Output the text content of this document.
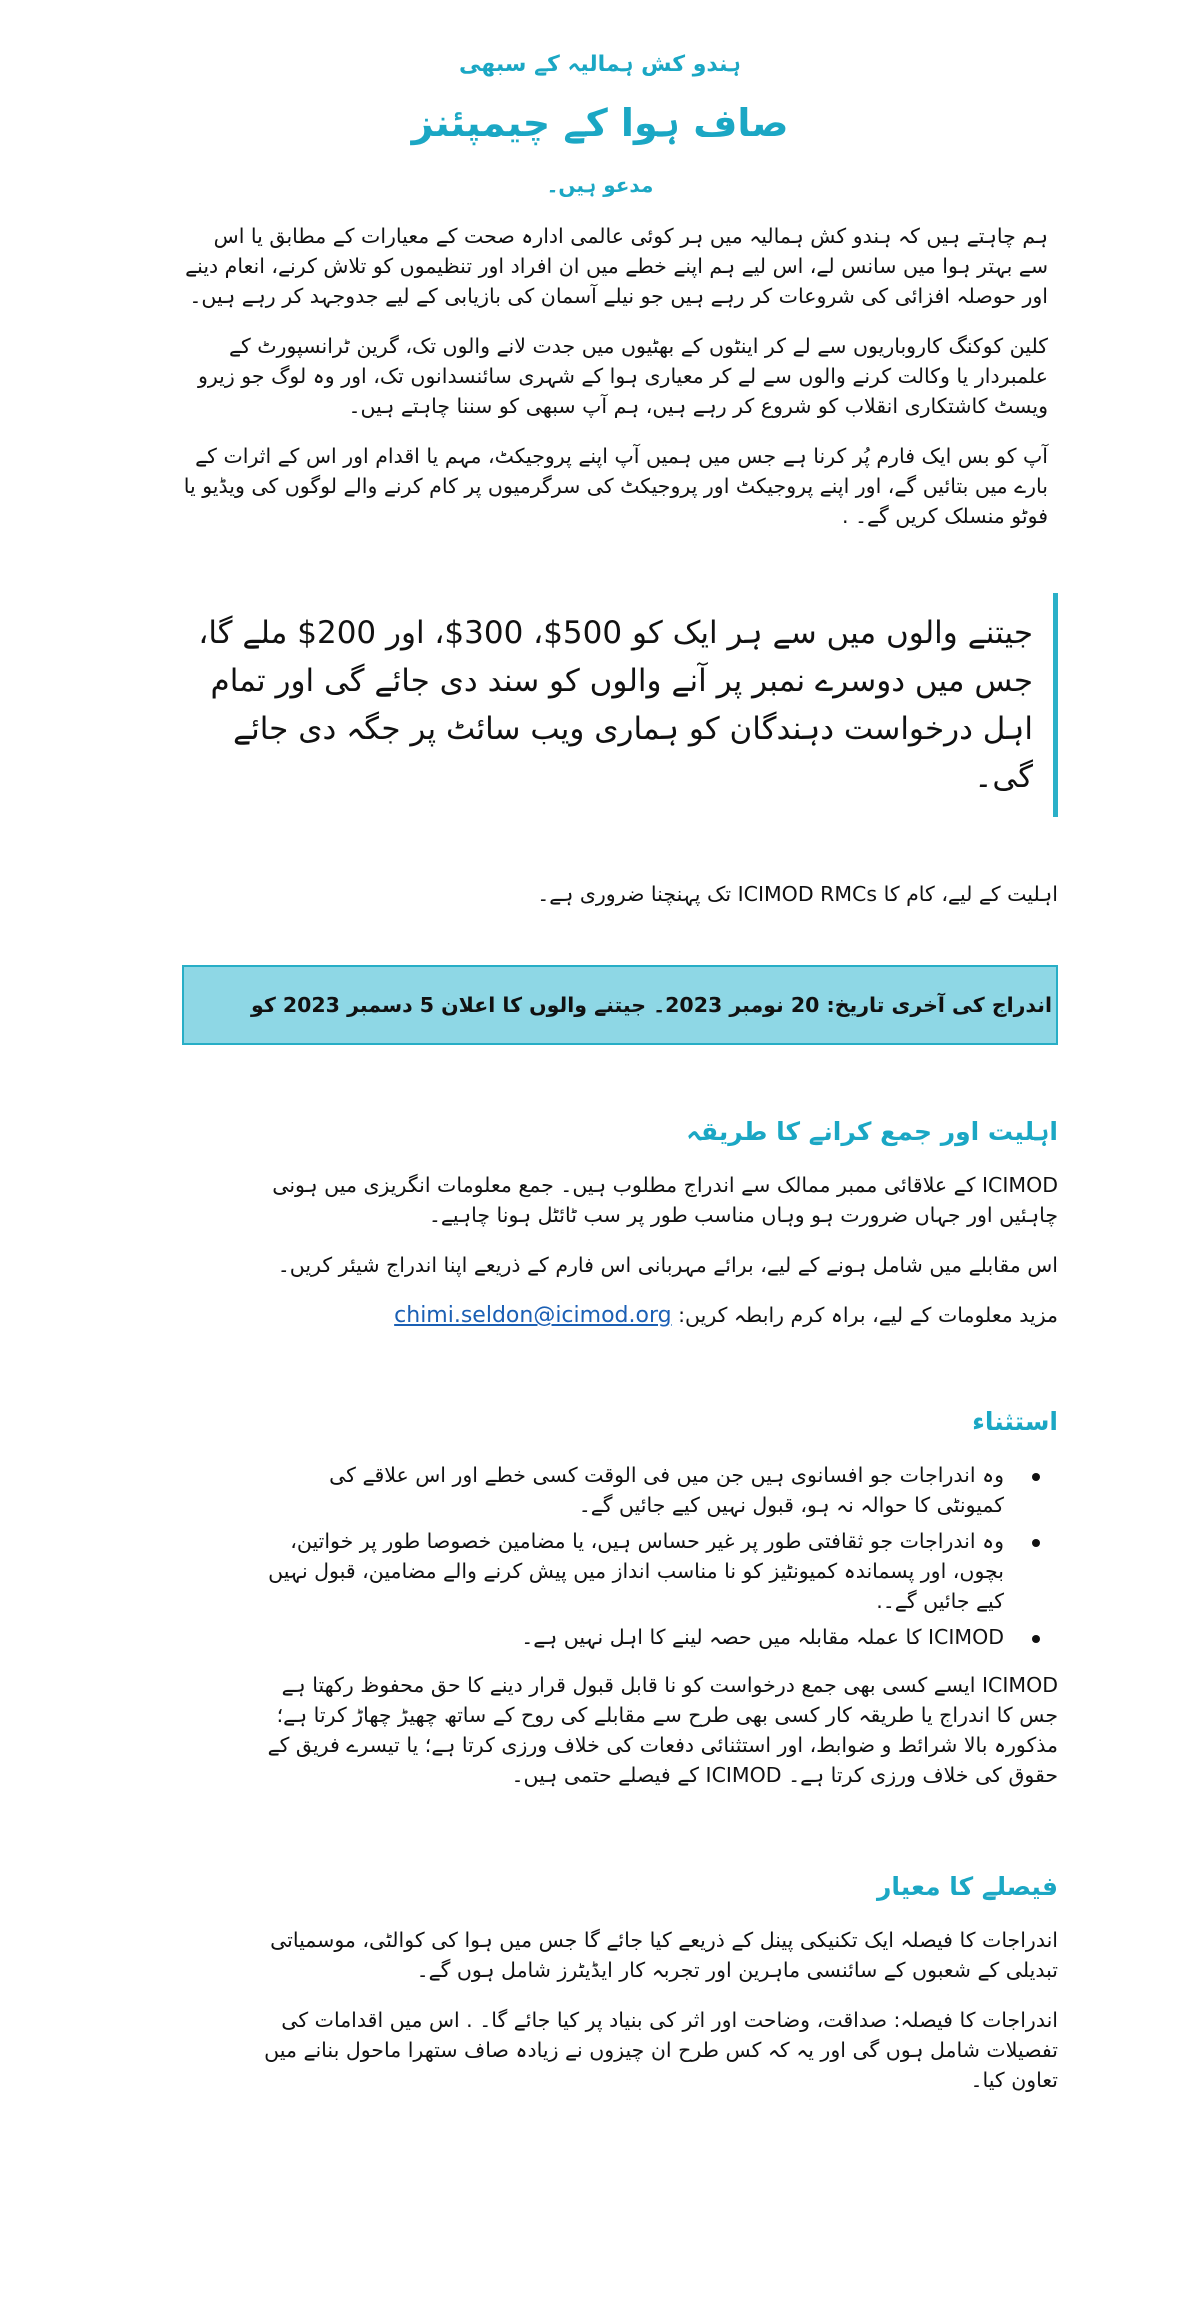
ہندو کش ہمالیہ کے سبھی
صاف ہوا کے چیمپئنز
مدعو ہیں۔

ہم چاہتے ہیں کہ ہندو کش ہمالیہ میں ہر کوئی عالمی ادارہ صحت کے معیارات کے مطابق یا اس سے بہتر ہوا میں سانس لے، اس لیے ہم اپنے خطے میں ان افراد اور تنظیموں کو تلاش کرنے، انعام دینے اور حوصلہ افزائی کی شروعات کر رہے ہیں جو نیلے آسمان کی بازیابی کے لیے جدوجہد کر رہے ہیں۔

کلین کوکنگ کاروباریوں سے لے کر اینٹوں کے بھٹیوں میں جدت لانے والوں تک، گرین ٹرانسپورٹ کے علمبردار یا وکالت کرنے والوں سے لے کر معیاری ہوا کے شہری سائنسدانوں تک، اور وہ لوگ جو زیرو ویسٹ کاشتکاری انقلاب کو شروع کر رہے ہیں، ہم آپ سبھی کو سننا چاہتے ہیں۔

آپ کو بس ایک فارم پُر کرنا ہے جس میں ہمیں آپ اپنے پروجیکٹ، مہم یا اقدام اور اس کے اثرات کے بارے میں بتائیں گے، اور اپنے پروجیکٹ اور پروجیکٹ کی سرگرمیوں پر کام کرنے والے لوگوں کی ویڈیو یا فوٹو منسلک کریں گے۔ .

جیتنے والوں میں سے ہر ایک کو 500$، 300$، اور 200$ ملے گا، جس میں دوسرے نمبر پر آنے والوں کو سند دی جائے گی اور تمام اہل درخواست دہندگان کو ہماری ویب سائٹ پر جگہ دی جائے گی۔
اہلیت کے لیے، کام کا ICIMOD RMCs تک پہنچنا ضروری ہے۔
اندراج کی آخری تاریخ: 20 نومبر 2023۔ جیتنے والوں کا اعلان 5 دسمبر 2023 کو
اہلیت اور جمع کرانے کا طریقہ

ICIMOD کے علاقائی ممبر ممالک سے اندراج مطلوب ہیں۔ جمع معلومات انگریزی میں ہونی چاہئیں اور جہاں ضرورت ہو وہاں مناسب طور پر سب ٹائٹل ہونا چاہیے۔

اس مقابلے میں شامل ہونے کے لیے، برائے مہربانی اس فارم کے ذریعے اپنا اندراج شیئر کریں۔

مزید معلومات کے لیے، براہ کرم رابطہ کریں: chimi.seldon@icimod.org

استثناء
وہ اندراجات جو افسانوی ہیں جن میں فی الوقت کسی خطے اور اس علاقے کی کمیونٹی کا حوالہ نہ ہو، قبول نہیں کیے جائیں گے۔
وہ اندراجات جو ثقافتی طور پر غیر حساس ہیں، یا مضامین خصوصا طور پر خواتین، بچوں، اور پسماندہ کمیونٹیز کو نا مناسب انداز میں پیش کرنے والے مضامین، قبول نہیں کیے جائیں گے۔.
ICIMOD کا عملہ مقابلہ میں حصہ لینے کا اہل نہیں ہے۔

ICIMOD ایسے کسی بھی جمع درخواست کو نا قابل قبول قرار دینے کا حق محفوظ رکھتا ہے جس کا اندراج یا طریقہ کار کسی بھی طرح سے مقابلے کی روح کے ساتھ چھیڑ چھاڑ کرتا ہے؛ مذکورہ بالا شرائط و ضوابط، اور استثنائی دفعات کی خلاف ورزی کرتا ہے؛ یا تیسرے فریق کے حقوق کی خلاف ورزی کرتا ہے۔ ICIMOD کے فیصلے حتمی ہیں۔

فیصلے کا معیار

اندراجات کا فیصلہ ایک تکنیکی پینل کے ذریعے کیا جائے گا جس میں ہوا کی کوالٹی، موسمیاتی تبدیلی کے شعبوں کے سائنسی ماہرین اور تجربہ کار ایڈیٹرز شامل ہوں گے۔

اندراجات کا فیصلہ: صداقت، وضاحت اور اثر کی بنیاد پر کیا جائے گا۔ . اس میں اقدامات کی تفصیلات شامل ہوں گی اور یہ کہ کس طرح ان چیزوں نے زیادہ صاف ستھرا ماحول بنانے میں تعاون کیا۔
